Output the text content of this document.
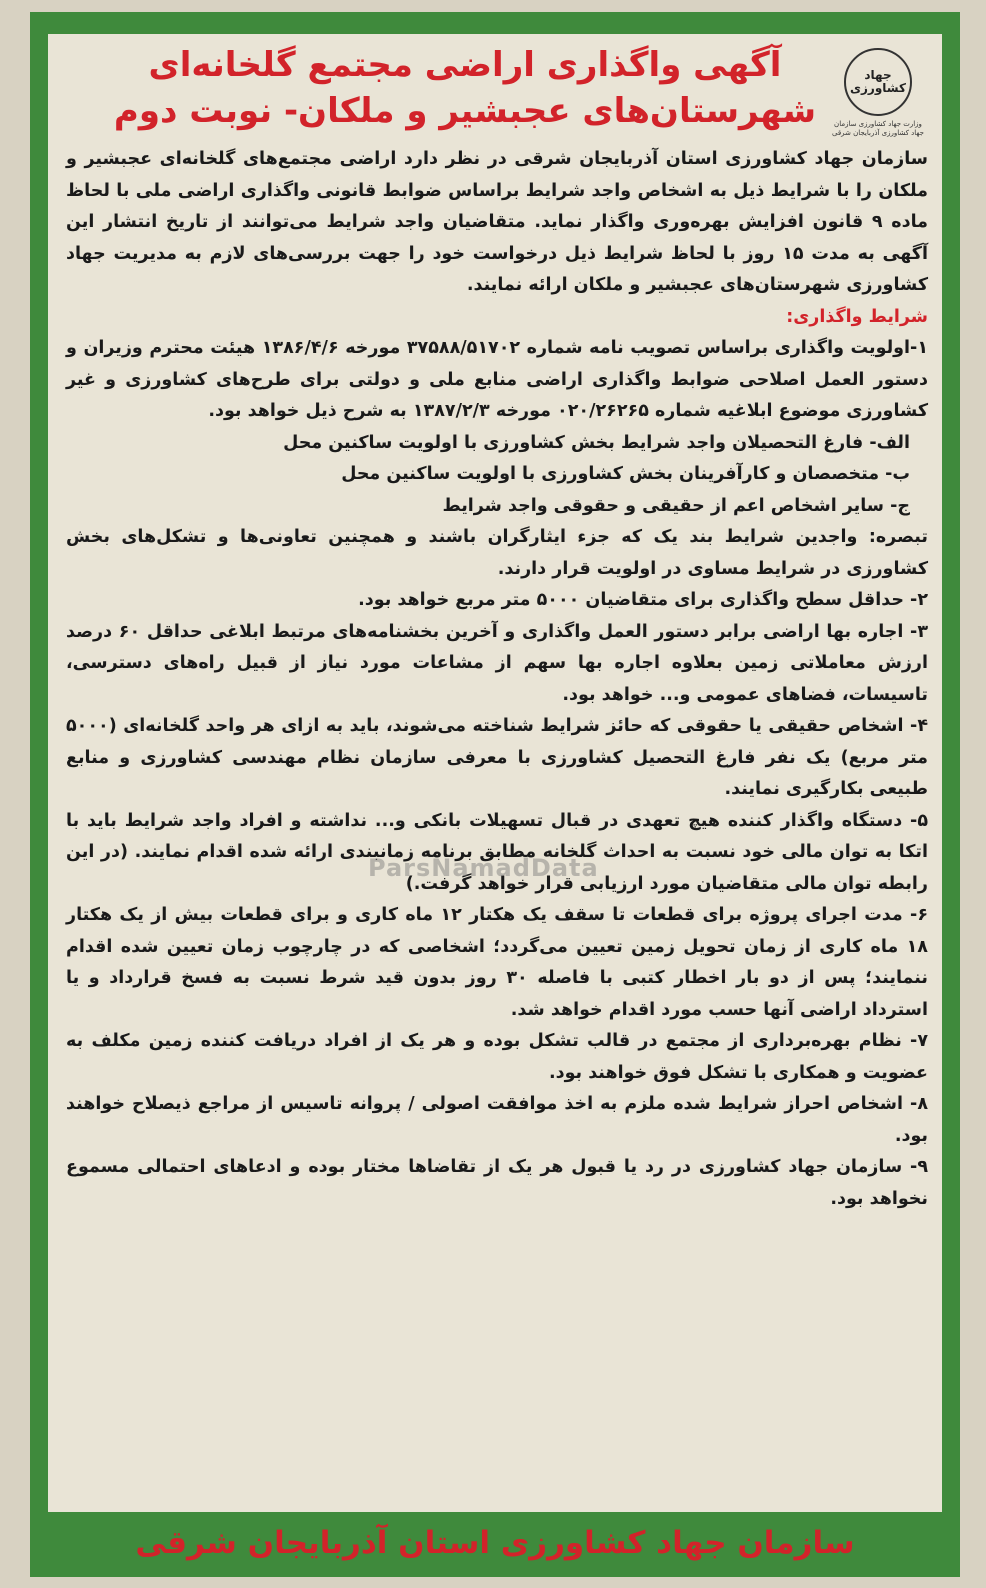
جهاد کشاورزی
وزارت جهاد کشاورزی سازمان جهاد کشاورزی آذربایجان شرقی
آگهی واگذاری اراضی مجتمع گلخانه‌ای
شهرستان‌های عجبشیر و ملکان- نوبت دوم

سازمان جهاد کشاورزی استان آذربایجان شرقی در نظر دارد اراضی مجتمع‌های گلخانه‌ای عجبشیر و ملکان را با شرایط ذیل به اشخاص واجد شرایط براساس ضوابط قانونی واگذاری اراضی ملی با لحاظ ماده ۹ قانون افزایش بهره‌وری واگذار نماید. متقاضیان واجد شرایط می‌توانند از تاریخ انتشار این آگهی به مدت ۱۵ روز با لحاظ شرایط ذیل درخواست خود را جهت بررسی‌های لازم به مدیریت جهاد کشاورزی شهرستان‌های عجبشیر و ملکان ارائه نمایند.

شرایط واگذاری:

۱-اولویت واگذاری براساس تصویب نامه شماره ۳۷۵۸۸/۵۱۷۰۲ مورخه ۱۳۸۶/۴/۶ هیئت محترم وزیران و دستور العمل اصلاحی ضوابط واگذاری اراضی منابع ملی و دولتی برای طرح‌های کشاورزی و غیر کشاورزی موضوع ابلاغیه شماره ۰۲۰/۲۶۲۶۵ مورخه ۱۳۸۷/۲/۳ به شرح ذیل خواهد بود.

الف- فارغ التحصیلان واجد شرایط بخش کشاورزی با اولویت ساکنین محل

ب- متخصصان و کارآفرینان بخش کشاورزی با اولویت ساکنین محل

ج- سایر اشخاص اعم از حقیقی و حقوقی واجد شرایط

تبصره: واجدین شرایط بند یک که جزء ایثارگران باشند و همچنین تعاونی‌ها و تشکل‌های بخش کشاورزی در شرایط مساوی در اولویت قرار دارند.

۲- حداقل سطح واگذاری برای متقاضیان ۵۰۰۰ متر مربع خواهد بود.

۳- اجاره بها اراضی برابر دستور العمل واگذاری و آخرین بخشنامه‌های مرتبط ابلاغی حداقل ۶۰ درصد ارزش معاملاتی زمین بعلاوه اجاره بها سهم از مشاعات مورد نیاز از قبیل راه‌های دسترسی، تاسیسات، فضاهای عمومی و... خواهد بود.

۴- اشخاص حقیقی یا حقوقی که حائز شرایط شناخته می‌شوند، باید به ازای هر واحد گلخانه‌ای (۵۰۰۰ متر مربع) یک نفر فارغ التحصیل کشاورزی با معرفی سازمان نظام مهندسی کشاورزی و منابع طبیعی بکارگیری نمایند.

۵- دستگاه واگذار کننده هیچ تعهدی در قبال تسهیلات بانکی و... نداشته و افراد واجد شرایط باید با اتکا به توان مالی خود نسبت به احداث گلخانه مطابق برنامه زمانبندی ارائه شده اقدام نمایند. (در این رابطه توان مالی متقاضیان مورد ارزیابی قرار خواهد گرفت.)

۶- مدت اجرای پروژه برای قطعات تا سقف یک هکتار ۱۲ ماه کاری و برای قطعات بیش از یک هکتار ۱۸ ماه کاری از زمان تحویل زمین تعیین می‌گردد؛ اشخاصی که در چارچوب زمان تعیین شده اقدام ننمایند؛ پس از دو بار اخطار کتبی با فاصله ۳۰ روز بدون قید شرط نسبت به فسخ قرارداد و یا استرداد اراضی آنها حسب مورد اقدام خواهد شد.

۷- نظام بهره‌برداری از مجتمع در قالب تشکل بوده و هر یک از افراد دریافت کننده زمین مکلف به عضویت و همکاری با تشکل فوق خواهند بود.

۸- اشخاص احراز شرایط شده ملزم به اخذ موافقت اصولی / پروانه تاسیس از مراجع ذیصلاح خواهند بود.

۹- سازمان جهاد کشاورزی در رد یا قبول هر یک از تقاضاها مختار بوده و ادعاهای احتمالی مسموع نخواهد بود.

ParsNamadData
سازمان جهاد کشاورزی استان آذربایجان شرقی
